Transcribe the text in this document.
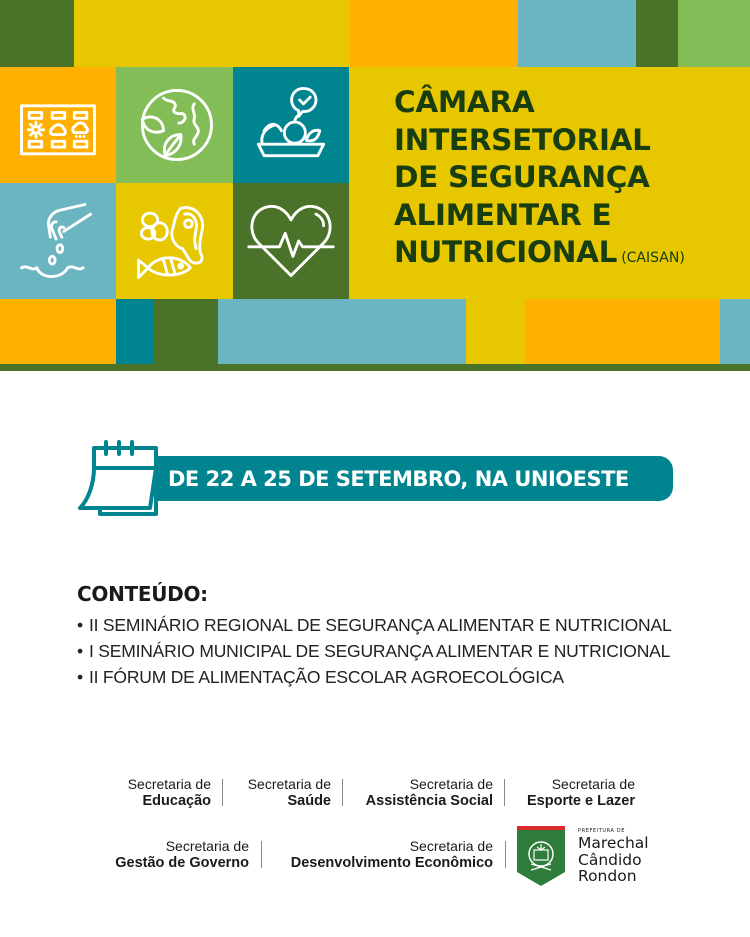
CÂMARA
INTERSETORIAL
DE SEGURANÇA
ALIMENTAR E
NUTRICIONAL (CAISAN)
DE 22 A 25 DE SETEMBRO, NA UNIOESTE
CONTEÚDO:
• II SEMINÁRIO REGIONAL DE SEGURANÇA ALIMENTAR E NUTRICIONAL
• I SEMINÁRIO MUNICIPAL DE SEGURANÇA ALIMENTAR E NUTRICIONAL
• II FÓRUM DE ALIMENTAÇÃO ESCOLAR AGROECOLÓGICA
Secretaria de
Educação
Secretaria de
Saúde
Secretaria de
Assistência Social
Secretaria de
Esporte e Lazer
Secretaria de
Gestão de Governo
Secretaria de
Desenvolvimento Econômico
PREFEITURA DE
Marechal
Cândido
Rondon
